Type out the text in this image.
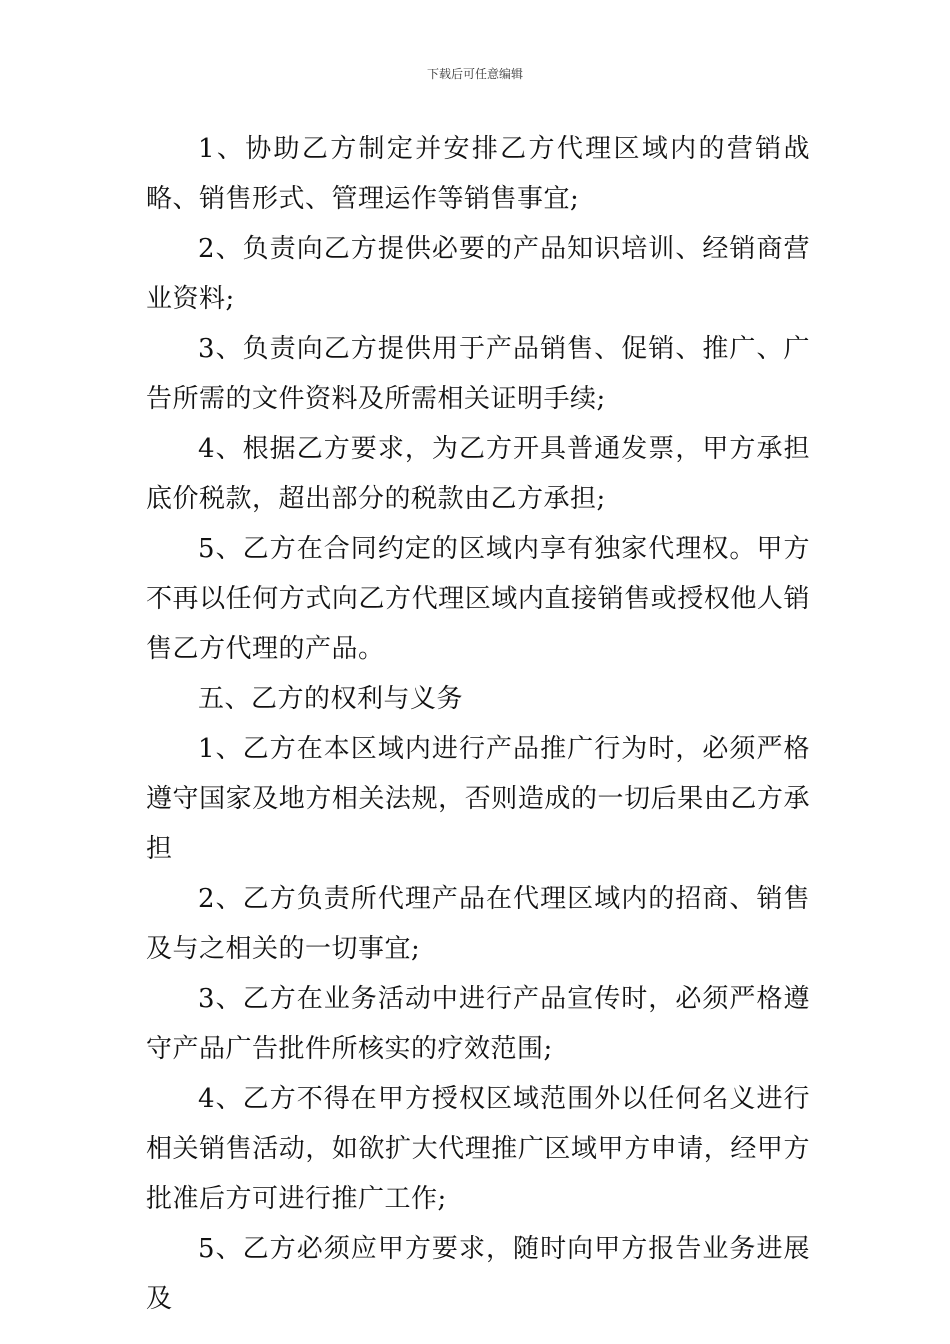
下载后可任意编辑

1、协助乙方制定并安排乙方代理区域内的营销战略、销售形式、管理运作等销售事宜;

2、负责向乙方提供必要的产品知识培训、经销商营业资料;

3、负责向乙方提供用于产品销售、促销、推广、广告所需的文件资料及所需相关证明手续;

4、根据乙方要求，为乙方开具普通发票，甲方承担底价税款，超出部分的税款由乙方承担;

5、乙方在合同约定的区域内享有独家代理权。甲方不再以任何方式向乙方代理区域内直接销售或授权他人销售乙方代理的产品。

五、乙方的权利与义务

1、乙方在本区域内进行产品推广行为时，必须严格遵守国家及地方相关法规，否则造成的一切后果由乙方承担

2、乙方负责所代理产品在代理区域内的招商、销售及与之相关的一切事宜;

3、乙方在业务活动中进行产品宣传时，必须严格遵守产品广告批件所核实的疗效范围;

4、乙方不得在甲方授权区域范围外以任何名义进行相关销售活动，如欲扩大代理推广区域甲方申请，经甲方批准后方可进行推广工作;

5、乙方必须应甲方要求，随时向甲方报告业务进展及
